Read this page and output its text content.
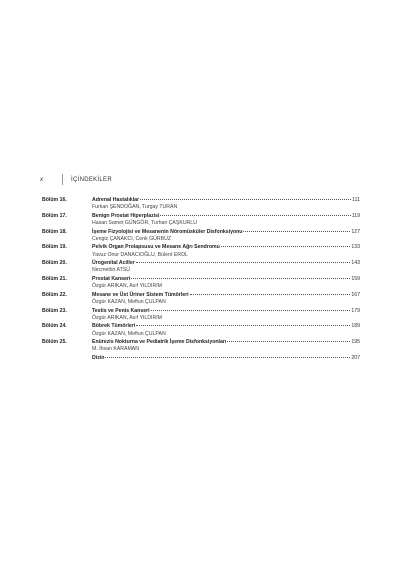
x	İÇİNDEKİLER
Bölüm 16.	Adrenal Hastalıklar	111
Furkan ŞENDOĞAN, Turgay TURAN
Bölüm 17.	Benign Prostat Hiperplazisi	119
Hasan Samet GÜNGÖR, Turhan ÇAŞKURLU
Bölüm 18.	İşeme Fizyolojisi ve Mesanenin Nöromüsküler Disfonksiyonu	127
Cengiz ÇANAKCI, Cenk GÜRBÜZ
Bölüm 19.	Pelvik Organ Prolapsusu ve Mesane Ağrı Sendromu	133
Yavuz Onur DANACIOĞLU, Bülent EROL
Bölüm 20.	Ürogenital Aciller	143
Necmettin ATSÜ
Bölüm 21.	Prostat Kanseri	159
Özgür ARIKAN, Asıf YILDIRIM
Bölüm 22.	Mesane ve Üst Üriner Sistem Tümörleri	167
Özgür KAZAN, Meftun ÇULPAN
Bölüm 23.	Testis ve Penis Kanseri	179
Özgür ARIKAN, Asıf YILDIRIM
Bölüm 24.	Böbrek Tümörleri	189
Özgür KAZAN, Meftun ÇULPAN
Bölüm 25.	Enürezis Nokturna ve Pediatrik İşeme Disfonksiyonları	195
M. İhsan KARAMAN
Dizin	207
